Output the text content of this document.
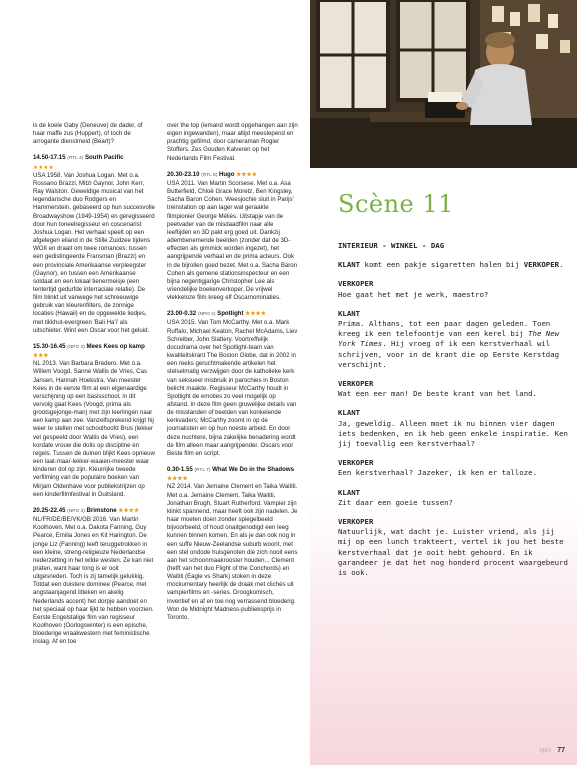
is de koele Gaby (Deneuve) de dader, of haar maffe zus (Huppert), of toch de arrogante dienstmeid (Béart)?

14.50-17.15 (RTL 4) South Pacific
★★★★

USA 1958. Van Joshua Logan. Met o.a. Rossano Brazzi, Mitzi Gaynor, John Kerr, Ray Walston. Geweldige musical van het legendarische duo Rodgers en Hammerstein, gebaseerd op hun succesvolle Broadwayshow (1949-1954) en geregisseerd door hun toneelregisseur en coscenarist Joshua Logan. Het verhaal speelt op een afgelegen eiland in de Stille Zuidzee tijdens WOII en draait om twee romances: tussen een gedistingeerde Fransman (Brazzi) en een provinciale Amerikaanse verpleegster (Gaynor), en tussen een Amerikaanse soldaat en een lokaal tienermeisje (een tentertijd gedurfde interraciale relatie). De film blinkt uit vanwege het schreeuwige gebruik van kleurenfilters, de zonnige locaties (Hawaii) en de opgewekte liedjes, met tikkhut-evergreen 'Bali Ha'i' als uitschieter. Wint een Oscar voor het geluid.

15.30-16.45 (NPO 3) Mees Kees op kamp ★★★

NL 2013. Van Barbara Bredero. Met o.a. Willem Voogd, Sanne Wallis de Vries, Cas Jansen, Hannah Hoekstra. Van meester Kees in de eerste film al een eigenaardige verschijning op een basisschool, in dit vervolg gaat Kees (Voogd, prima als grootsgejonge-man) met zijn leerlingen naar een kamp aan zee. Vanzelfsprekend krijgt hij weer te stellen met schoolhoofd Brus (lekker vet gespeeld door Wallis de Vries), een kordate vrouw die dolis op discipline en regels. Tussen de duinen blijkt Kees opnieuw een laat-maar-lekker-waaien-meester waar kinderen dol op zijn. Kleurrijke tweede verfilming van de populaire boeken van Mirjam Oldenhave voor publiekstrijzen op een kinderfilmfestival in Duitsland.

20.25-22.45 (NPO 3) Brimstone ★★★★

NL/FR/DE/BE/VK/GB 2016. Van Martin Koolhoven. Met o.a. Dakota Fanning, Guy Pearce, Emilia Jones en Kit Harington. De jonge Liz (Fanning) leeft teruggetrokken in een kleine, streng-religieuze Nederlandse nederzetting in het wilde westen. Ze kan niet praten, want haar tong is er ooit uitgesneden. Toch is zij tamelijk gelukkig, Totdat een duistere dominee (Pearce, met angstaanjagend litteken en akelig Nederlands accent) het dorpje aandoet en het speciaal op haar lijkt te hebben voorzien. Eerste Engelstalige film van regisseur Koolhoven (Oorlogswinter) is een epische, bloederige wraakwestern met feministische inslag. Af en toe

over the top (iemand wordt opgehangen aan zijn eigen ingewanden), maar altijd meeslepend en prachtig gefilmd, door cameraman Rogier Stoffers. Zes Gouden Kalveren op het Nederlands Film Festival.

20.30-23.10 (RTL 8) Hugo ★★★★

USA 2011. Van Martin Scorsese. Met o.a. Asa Butterfield, Chloë Grace Moretz, Ben Kingsley, Sacha Baron Cohen. Weesjochie sluit in Parijs' treinstation op aan lager wal geraakte filmpionier George Méliès. Uitstapje van de peetvader van de misdaadfilm naar alle leeftijden en 3D pakt erg goed uit. Dankzij adembenemende beelden (zonder dat de 3D-effecten als gimmick worden ingezet), het aangrijpende verhaal en de prima acteurs. Ook in de bijrollen goed bezet. Met o.a. Sacha Baron Cohen als gemene stationsinspecteur en een bijna negentigjarige Christopher Lee als vriendelijke boekenverkoper. De vrijwel vlekkeloze film kreeg elf Oscarnominaties.

23.00-0.32 (NPO 2) Spotlight ★★★★

USA 2015. Van Tom McCarthy. Met o.a. Mark Ruffalo, Michael Keaton, Rachel McAdams, Liev Schreiber, John Slattery. Voortreffelijk docudrama over het Spotlight-team van kwaliteitskrant The Boston Globe, dat in 2002 in een reeks geruchtmakende artikelen het stelselmatig verzwijgen door de katholieke kerk van seksueel misbruik in parochies in Boston belicht maakte. Regisseur McCarthy houdt in Spotlight de emoties zo veel mogelijk op afstand. In deze film geen gruwelijke details van de misstanden of beelden van konkelende kerkvaders; McCarthy zoomt in op de journalisten en op hun noeste arbeid. En door deze nuchtere, bijna zakelijke benadering wordt de film alleen maar aangrijpender. Oscars voor Beste film en script.

0.30-1.55 (RTL 7) What We Do in the Shadows ★★★★

NZ 2014. Van Jemaine Clement en Taika Waititi. Met o.a. Jemaine Clement, Taika Waititi, Jonathan Brugh, Stuart Rutherford. Vampier zijn klinkt spannend, maar heeft ook zijn nadelen. Je haar moeten doen zonder spiegelbeeld bijvoorbeeld, of houd onaitgenodigd een leeg kunnen binnen komen. En als je dan ook nog in een suffe Nieuw-Zeelandse suburb woont, met een stel ondode huisgenoten die zich nooit eens aan het schoonmaakrooster houden... Clement (helft van het duo Flight of the Conchords) en Waititi (Eagle vs Shark) stoken in deze mockumentary heerlijk de draak met clichés uit vampierfilms en -series. Droogkomisch, inventief en af en toe nog verrassend bloederig. Won de Midnight Madness-publieksprijs in Toronto.

Scène 11

INTERIEUR - WINKEL - DAG

KLANT komt een pakje sigaretten halen bij VERKOPER.

VERKOPER
Hoe gaat het met je werk, maestro?

KLANT
Prima. Althans, tot een paar dagen geleden. Toen kreeg ik een telefoontje van een kerel bij The New York Times. Hij vroeg of ik een kerstverhaal wil schrijven, voor in de krant die op Eerste Kerstdag verschijnt.

VERKOPER
Wat een eer man! De beste krant van het land.

KLANT
Ja, geweldig. Alleen moet ik nu binnen vier dagen iets bedenken, en ik heb geen enkele inspiratie. Ken jij toevallig een kerstverhaal?

VERKOPER
Een kerstverhaal? Jazeker, ik ken er talloze.

KLANT
Zit daar een goeie tussen?

VERKOPER
Natuurlijk, wat dacht je. Luister vriend, als jij mij op een lunch trakteert, vertel ik jou het beste kerstverhaal dat je ooit hebt gehoord. En ik garandeer je dat het nog honderd procent waargebeurd is ook.

vpro 77
